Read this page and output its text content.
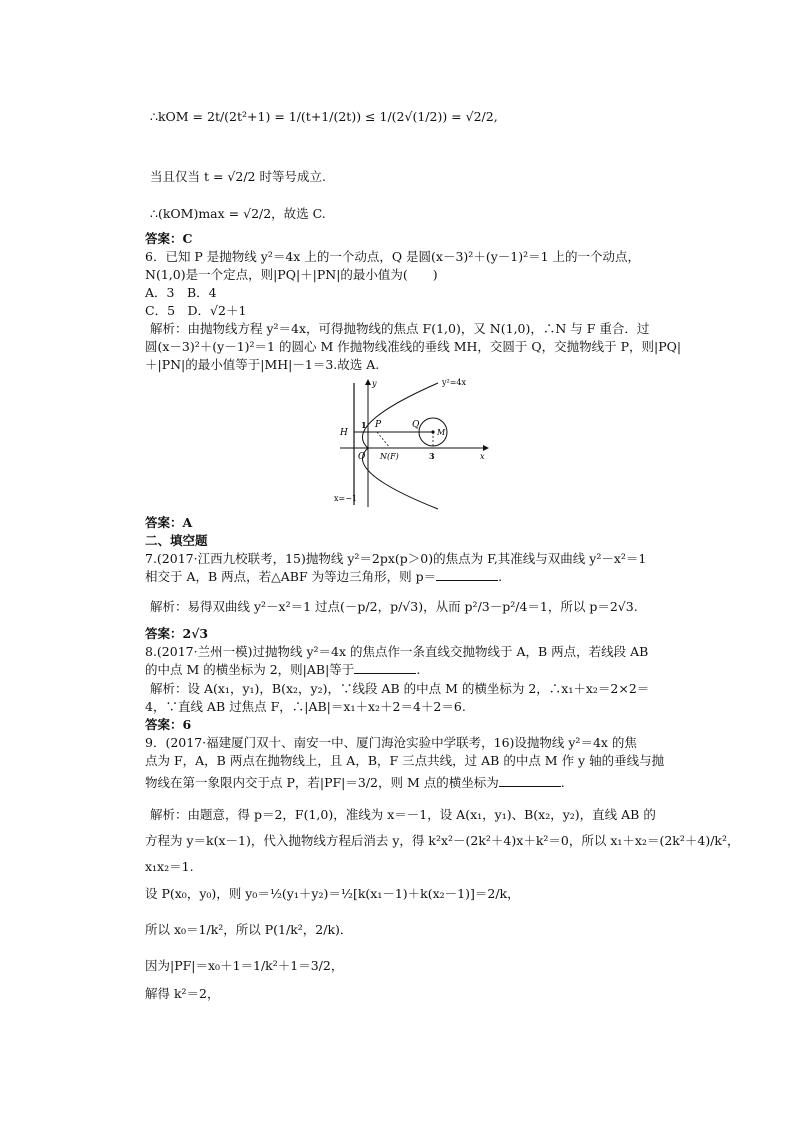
∴kOM = 2t/(2t²+1) = 1/(t+1/(2t)) ≤ 1/(2√(1/2)) = √2/2,
当且仅当 t = √2/2 时等号成立.
∴(kOM)max = √2/2，故选 C.
答案：C
6．已知 P 是抛物线 y²＝4x 上的一个动点，Q 是圆(x－3)²＋(y－1)²＝1 上的一个动点，
N(1,0)是一个定点，则|PQ|＋|PN|的最小值为(　　)
A．3　B．4
C．5　D．√2＋1
解析：由抛物线方程 y²＝4x，可得抛物线的焦点 F(1,0)，又 N(1,0)，∴N 与 F 重合．过
圆(x－3)²＋(y－1)²＝1 的圆心 M 作抛物线准线的垂线 MH，交圆于 Q，交抛物线于 P，则|PQ|
＋|PN|的最小值等于|MH|－1＝3.故选 A.
y²=4x
y
x
H
1 P	Q
M
O N(F)	3
x=−1
答案：A
二、填空题
7.(2017·江西九校联考，15)抛物线 y²＝2px(p＞0)的焦点为 F,其准线与双曲线 y²－x²＝1
相交于 A，B 两点，若△ABF 为等边三角形，则 p＝	.
解析：易得双曲线 y²－x²＝1 过点(－p/2，p/√3)，从而 p²/3－p²/4＝1，所以 p＝2√3.
答案：2√3
8.(2017·兰州一模)过抛物线 y²＝4x 的焦点作一条直线交抛物线于 A，B 两点，若线段 AB
的中点 M 的横坐标为 2，则|AB|等于	.
解析：设 A(x₁，y₁)，B(x₂，y₂)，∵线段 AB 的中点 M 的横坐标为 2，∴x₁＋x₂＝2×2＝
4，∵直线 AB 过焦点 F，∴|AB|＝x₁＋x₂＋2＝4＋2＝6.
答案：6
9．(2017·福建厦门双十、南安一中、厦门海沧实验中学联考，16)设抛物线 y²＝4x 的焦
点为 F，A，B 两点在抛物线上，且 A，B，F 三点共线，过 AB 的中点 M 作 y 轴的垂线与抛
物线在第一象限内交于点 P，若|PF|＝3/2，则 M 点的横坐标为	.
解析：由题意，得 p＝2，F(1,0)，准线为 x＝－1，设 A(x₁，y₁)、B(x₂，y₂)，直线 AB 的
方程为 y＝k(x－1)，代入抛物线方程后消去 y，得 k²x²－(2k²＋4)x＋k²＝0，所以 x₁＋x₂＝(2k²＋4)/k²，
x₁x₂＝1.
设 P(x₀，y₀)，则 y₀＝½(y₁＋y₂)＝½[k(x₁－1)＋k(x₂－1)]＝2/k，
所以 x₀＝1/k²，所以 P(1/k²，2/k)．
因为|PF|＝x₀＋1＝1/k²＋1＝3/2，
解得 k²＝2，
